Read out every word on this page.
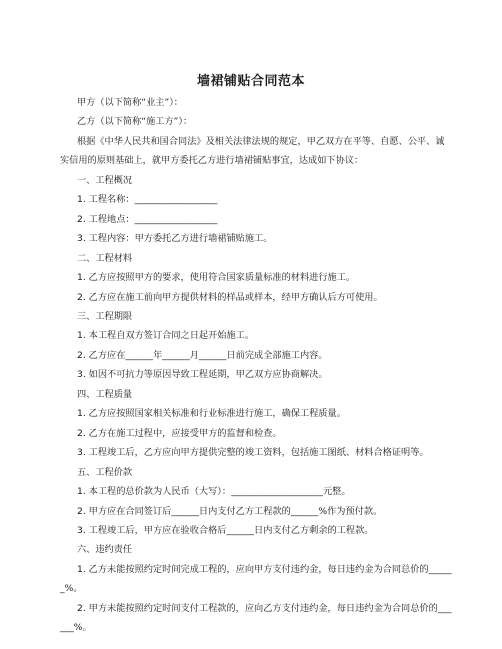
墙裙铺贴合同范本

甲方（以下简称“业主”）：

乙方（以下简称“施工方”）：

根据《中华人民共和国合同法》及相关法律法规的规定，甲乙双方在平等、自愿、公平、诚实信用的原则基础上，就甲方委托乙方进行墙裙铺贴事宜，达成如下协议：

一、工程概况

1. 工程名称：__________________

2. 工程地点：__________________

3. 工程内容：甲方委托乙方进行墙裙铺贴施工。

二、工程材料

1. 乙方应按照甲方的要求，使用符合国家质量标准的材料进行施工。

2. 乙方应在施工前向甲方提供材料的样品或样本，经甲方确认后方可使用。

三、工程期限

1. 本工程自双方签订合同之日起开始施工。

2. 乙方应在______年______月______日前完成全部施工内容。

3. 如因不可抗力等原因导致工程延期，甲乙双方应协商解决。

四、工程质量

1. 乙方应按照国家相关标准和行业标准进行施工，确保工程质量。

2. 乙方在施工过程中，应接受甲方的监督和检查。

3. 工程竣工后，乙方应向甲方提供完整的竣工资料，包括施工图纸、材料合格证明等。

五、工程价款

1. 本工程的总价款为人民币（大写）：____________________元整。

2. 甲方应在合同签订后______日内支付乙方工程款的______%作为预付款。

3. 工程竣工后，甲方应在验收合格后______日内支付乙方剩余的工程款。

六、违约责任

1. 乙方未能按照约定时间完成工程的，应向甲方支付违约金，每日违约金为合同总价的______%。

2. 甲方未能按照约定时间支付工程款的，应向乙方支付违约金，每日违约金为合同总价的______%。
